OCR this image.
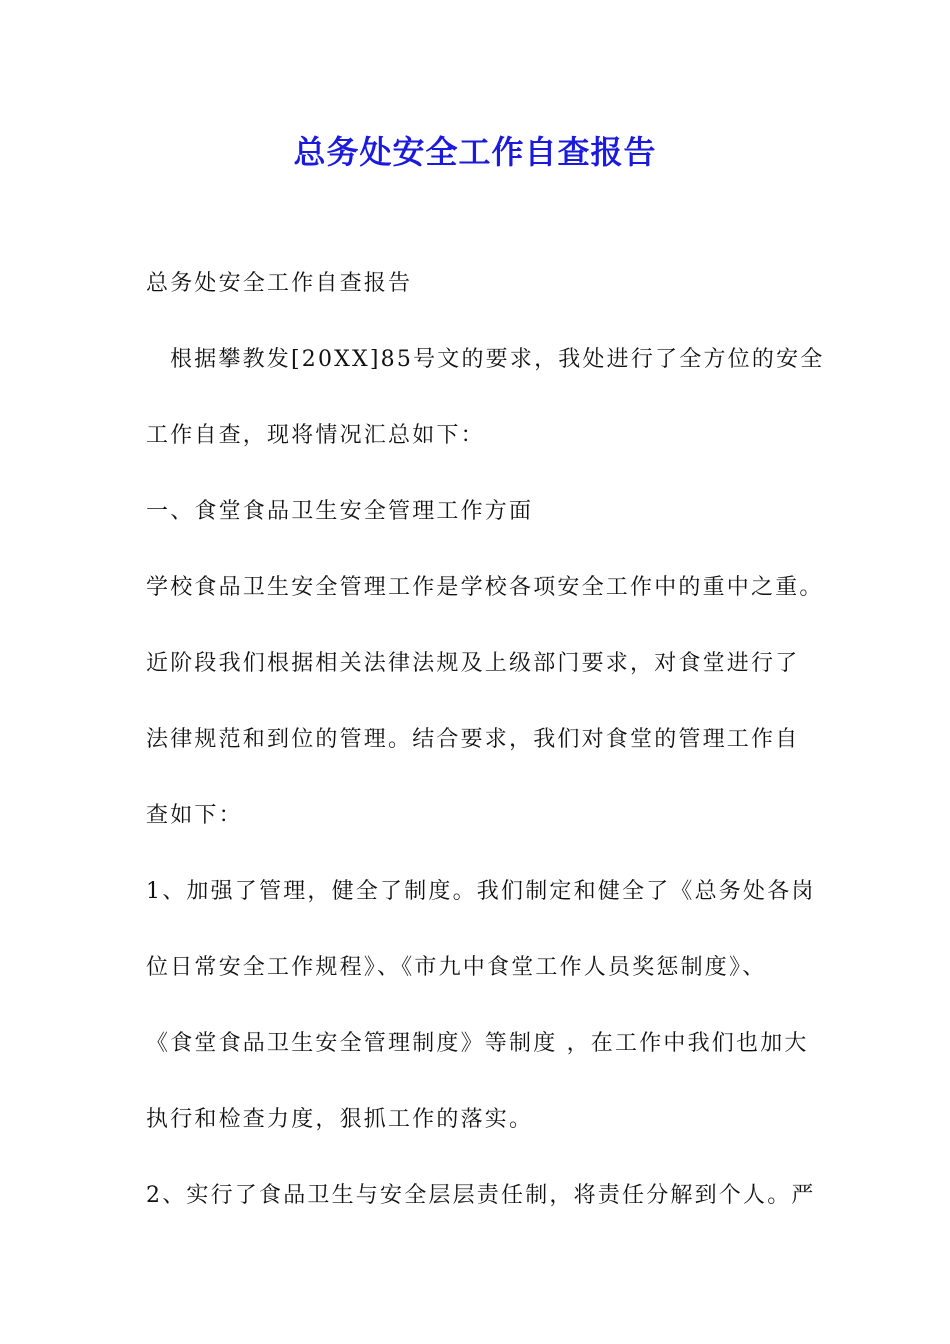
总务处安全工作自查报告
总务处安全工作自查报告
根据攀教发[20XX]85号文的要求，我处进行了全方位的安全
工作自查，现将情况汇总如下：
一、食堂食品卫生安全管理工作方面
学校食品卫生安全管理工作是学校各项安全工作中的重中之重。
近阶段我们根据相关法律法规及上级部门要求，对食堂进行了
法律规范和到位的管理。结合要求，我们对食堂的管理工作自
查如下：
1、加强了管理，健全了制度。我们制定和健全了《总务处各岗
位日常安全工作规程》、《市九中食堂工作人员奖惩制度》、
《食堂食品卫生安全管理制度》等制度 ，在工作中我们也加大
执行和检查力度，狠抓工作的落实。
2、实行了食品卫生与安全层层责任制，将责任分解到个人。严
